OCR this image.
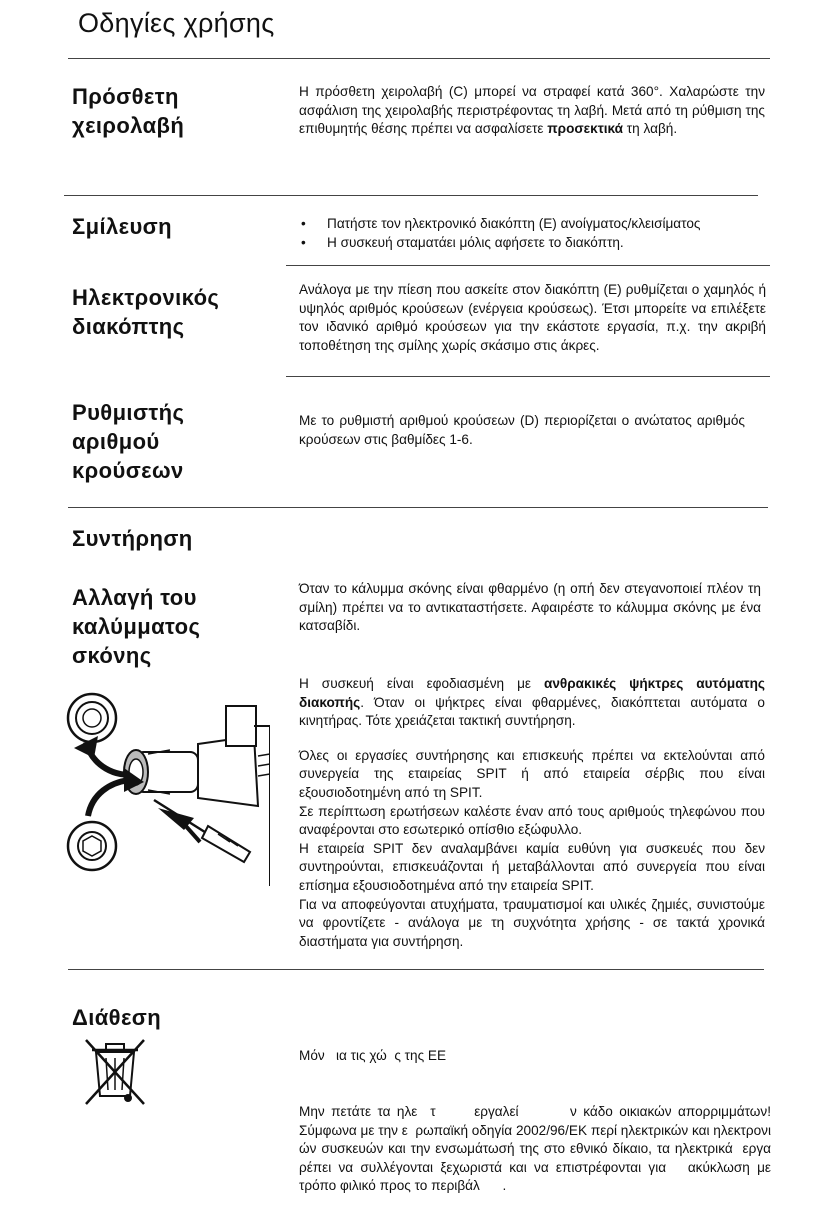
Οδηγίες χρήσης
Πρόσθετη
χειρολαβή

Η πρόσθετη χειρολαβή (C) μπορεί να στραφεί κατά 360°. Χαλαρώστε την ασφάλιση της χειρολαβής περιστρέφοντας τη λαβή. Μετά από τη ρύθμιση της επιθυμητής θέσης πρέπει να ασφαλίσετε προσεκτικά τη λαβή.

Σμίλευση	• Πατήστε τον ηλεκτρονικό διακόπτη (E) ανοίγματος/κλεισίματος
• Η συσκευή σταματάει μόλις αφήσετε το διακόπτη.
Ηλεκτρονικός
διακόπτης

Ανάλογα με την πίεση που ασκείτε στον διακόπτη (E) ρυθμίζεται ο χαμηλός ή υψηλός αριθμός κρούσεων (ενέργεια κρούσεως). Έτσι μπορείτε να επιλέξετε τον ιδανικό αριθμό κρούσεων για την εκάστοτε εργασία, π.χ. την ακριβή τοποθέτηση της σμίλης χωρίς σκάσιμο στις άκρες.

Ρυθμιστής
αριθμού
κρούσεων

Με το ρυθμιστή αριθμού κρούσεων (D) περιορίζεται ο ανώτατος αριθμός κρούσεων στις βαθμίδες 1-6.

Συντήρηση
Αλλαγή του
καλύμματος
σκόνης

Όταν το κάλυμμα σκόνης είναι φθαρμένο (η οπή δεν στεγανοποιεί πλέον τη σμίλη) πρέπει να το αντικαταστήσετε. Αφαιρέστε το κάλυμμα σκόνης με ένα κατσαβίδι.

Η συσκευή είναι εφοδιασμένη με ανθρακικές ψήκτρες αυτόματης διακοπής. Όταν οι ψήκτρες είναι φθαρμένες, διακόπτεται αυτόματα ο κινητήρας. Τότε χρειάζεται τακτική συντήρηση.

Όλες οι εργασίες συντήρησης και επισκευής πρέπει να εκτελούνται από συνεργεία της εταιρείας SPIT ή από εταιρεία σέρβις που είναι εξουσιοδοτημένη από τη SPIT.

Σε περίπτωση ερωτήσεων καλέστε έναν από τους αριθμούς τηλεφώνου που αναφέρονται στο εσωτερικό οπίσθιο εξώφυλλο.

Η εταιρεία SPIT δεν αναλαμβάνει καμία ευθύνη για συσκευές που δεν συντηρούνται, επισκευάζονται ή μεταβάλλονται από συνεργεία που είναι επίσημα εξουσιοδοτημένα από την εταιρεία SPIT.

Για να αποφεύγονται ατυχήματα, τραυματισμοί και υλικές ζημιές, συνιστούμε να φροντίζετε - ανάλογα με τη συχνότητα χρήσης - σε τακτά χρονικά διαστήματα για συντήρηση.

Διάθεση

Μόν   ια τις χώ  ς της ΕΕ

Μην πετάτε τα ηλε  τ      εργαλεί        ν κάδο οικιακών απορριμμάτων! Σύμφωνα με την ε  ρωπαϊκή οδηγία 2002/96/ΕΚ περί ηλεκτρικών και ηλεκτρονι  ών συσκευών και την ενσωμάτωσή της στο εθνικό δίκαιο, τα ηλεκτρικά  εργα          ρέπει να συλλέγονται ξεχωριστά και να επιστρέφονται για   ακύκλωση με τρόπο φιλικό προς το περιβάλ      .
